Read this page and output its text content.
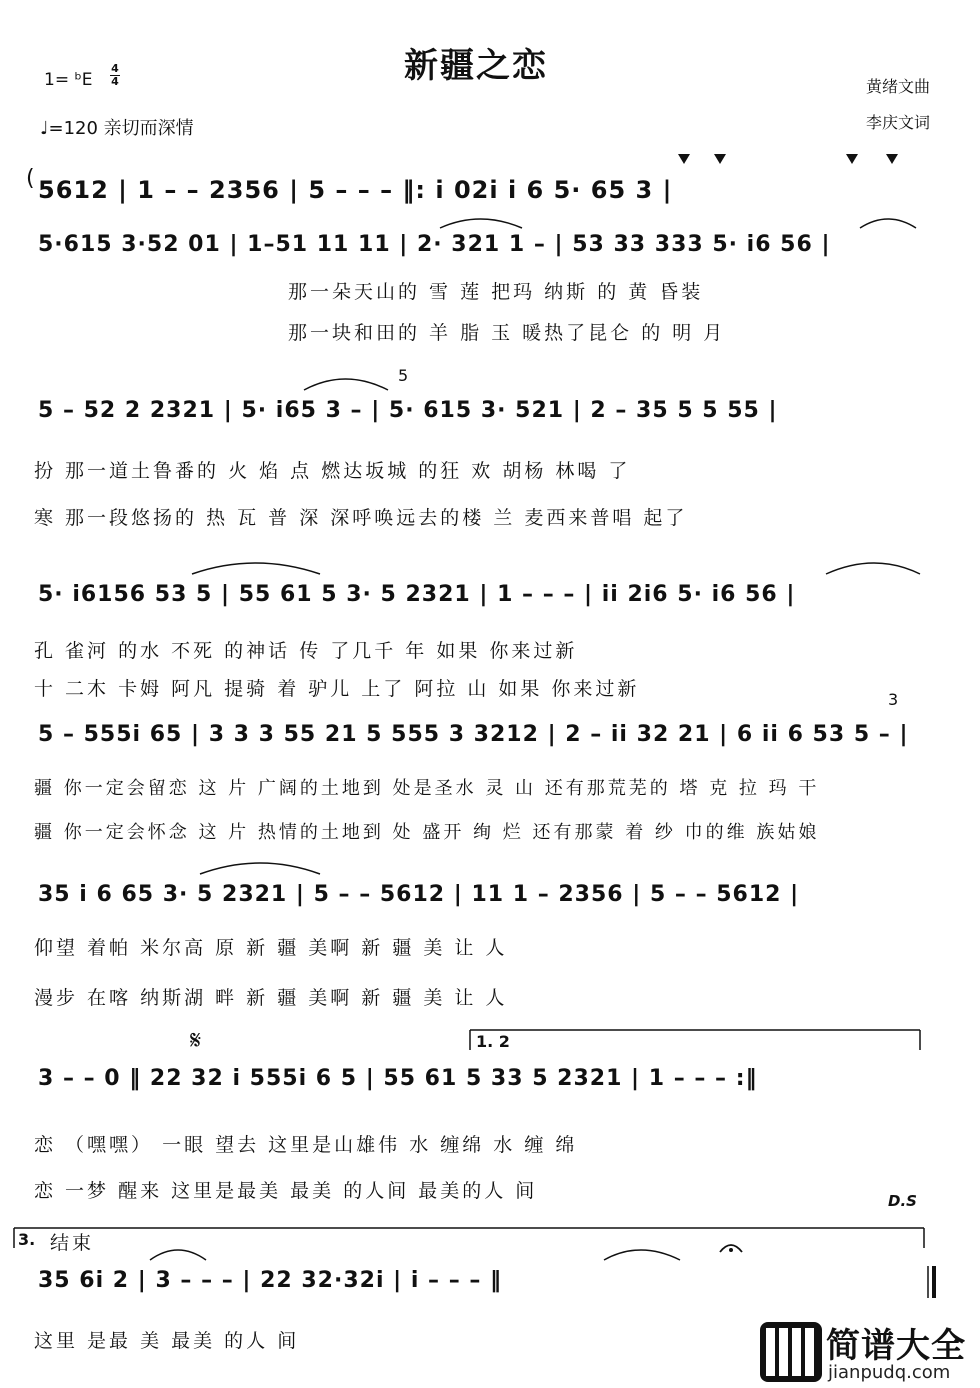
新疆之恋
1= ᵇE
4
4
♩=120 亲切而深情
黄绪文曲
李庆文词
( 5612 | 1 – – 2356 | 5 – – – ‖: i 02i i 6 5· 65 3 |
5·615 3·52 01 | 1–51 11 11 | 2· 321 1 – | 53 33 333 5· i6 56 |
那一朵天山的 雪 莲 把玛 纳斯 的 黄 昏装
那一块和田的 羊 脂 玉 暖热了昆仑 的 明 月
5
5 – 52 2 2321 | 5· i65 3 – | 5· 615 3· 521 | 2 – 35 5 5 55 |
扮 那一道土鲁番的 火 焰 点 燃达坂城 的狂 欢 胡杨 林喝 了
寒 那一段悠扬的 热 瓦 普 深 深呼唤远去的楼 兰 麦西来普唱 起了
5· i6156 53 5 | 55 61 5 3· 5 2321 | 1 – – – | ii 2i6 5· i6 56 |
孔 雀河 的水 不死 的神话 传 了几千 年 如果 你来过新
十 二木 卡姆 阿凡 提骑 着 驴儿 上了 阿拉 山 如果 你来过新	3
5 – 555i 65 | 3 3 3 55 21 5 555 3 3212 | 2 – ii 32 21 | 6 ii 6 53 5 – |
疆 你一定会留恋 这 片 广阔的土地到 处是圣水 灵 山 还有那荒芜的 塔 克 拉 玛 干
疆 你一定会怀念 这 片 热情的土地到 处 盛开 绚 烂 还有那蒙 着 纱 巾的维 族姑娘
35 i 6 65 3· 5 2321 | 5 – – 5612 | 11 1 – 2356 | 5 – – 5612 |
仰望 着帕 米尔高 原 新 疆 美啊 新 疆 美 让 人
漫步 在喀 纳斯湖 畔 新 疆 美啊 新 疆 美 让 人
𝄋	1. 2
3 – – 0 ‖ 22 32 i 555i 6 5 | 55 61 5 33 5 2321 | 1 – – – :‖
恋 （嘿嘿） 一眼 望去 这里是山雄伟 水 缠绵 水 缠 绵
恋 一梦 醒来 这里是最美 最美 的人间 最美的人 间	D.S
3. 结束
35 6i 2 | 3 – – – | 22 32·32i | i – – – ‖
这里 是最 美 最美 的人 间	简谱大全
jianpudq.com
